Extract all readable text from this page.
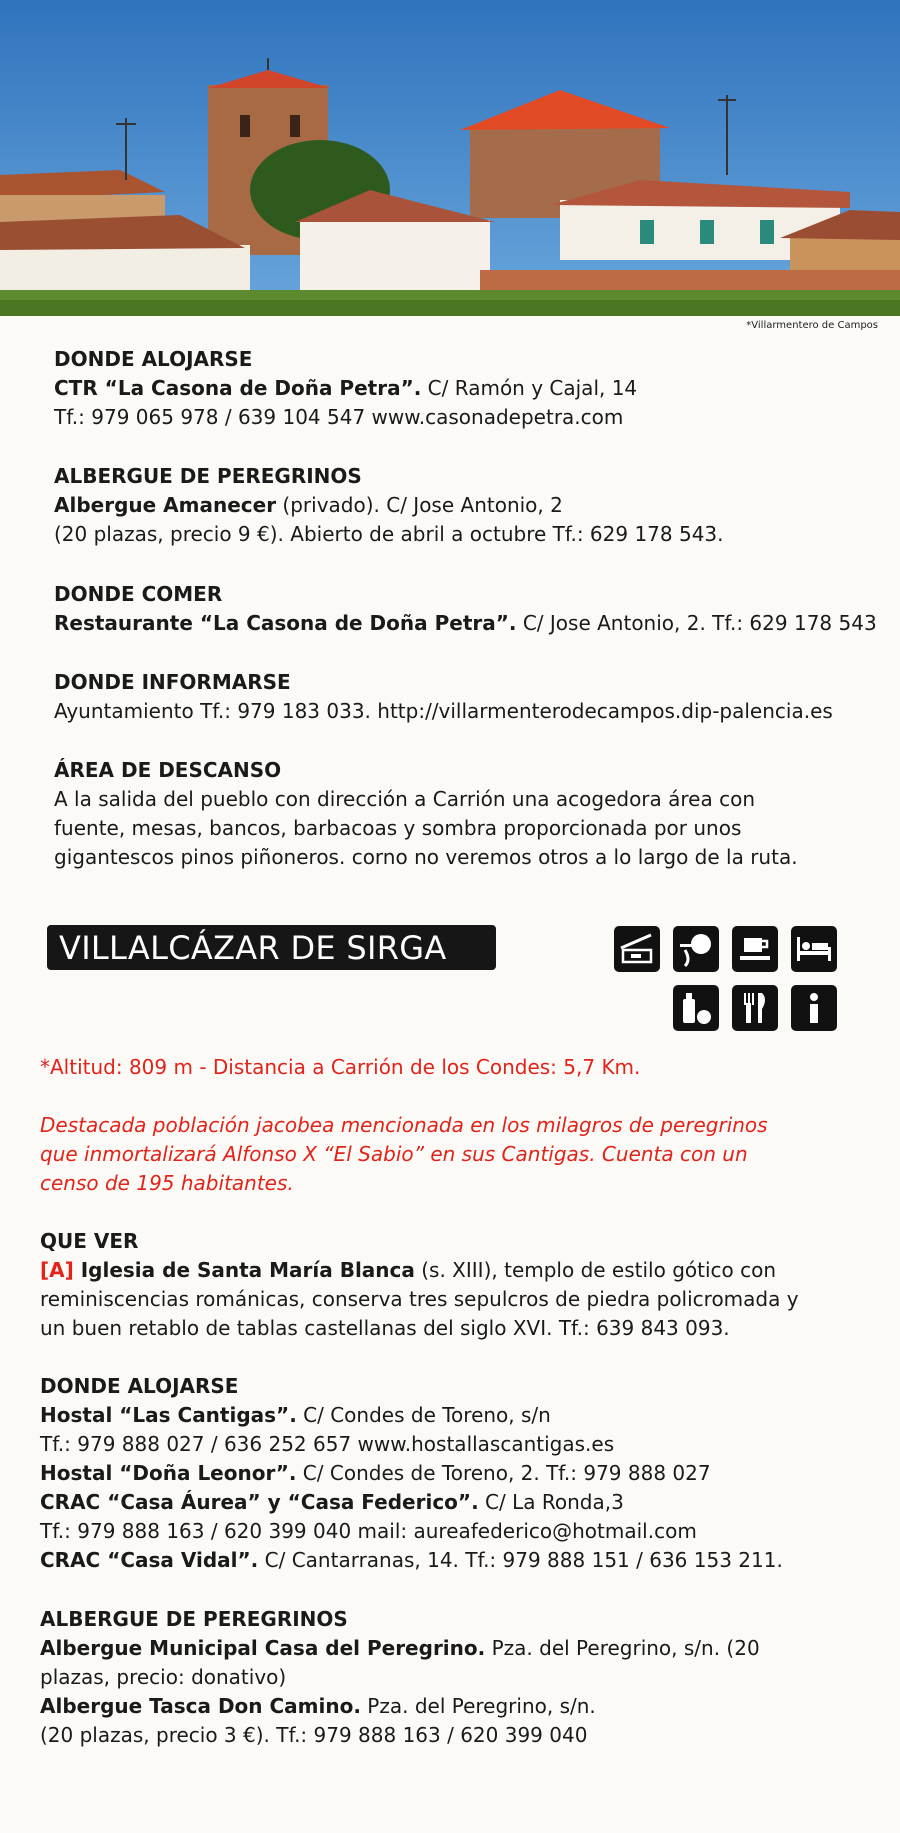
*Villarmentero de Campos
DONDE ALOJARSE
CTR “La Casona de Doña Petra”. C/ Ramón y Cajal, 14
Tf.: 979 065 978 / 639 104 547 www.casonadepetra.com
ALBERGUE DE PEREGRINOS
Albergue Amanecer (privado). C/ Jose Antonio, 2
(20 plazas, precio 9 €). Abierto de abril a octubre Tf.: 629 178 543.
DONDE COMER
Restaurante “La Casona de Doña Petra”. C/ Jose Antonio, 2. Tf.: 629 178 543
DONDE INFORMARSE
Ayuntamiento Tf.: 979 183 033. http://villarmenterodecampos.dip-palencia.es
ÁREA DE DESCANSO
A la salida del pueblo con dirección a Carrión una acogedora área con
fuente, mesas, bancos, barbacoas y sombra proporcionada por unos
gigantescos pinos piñoneros. corno no veremos otros a lo largo de la ruta.
VILLALCÁZAR DE SIRGA
*Altitud: 809 m - Distancia a Carrión de los Condes: 5,7 Km.
Destacada población jacobea mencionada en los milagros de peregrinos
que inmortalizará Alfonso X “El Sabio” en sus Cantigas. Cuenta con un
censo de 195 habitantes.
QUE VER
[A] Iglesia de Santa María Blanca (s. XIII), templo de estilo gótico con
reminiscencias románicas, conserva tres sepulcros de piedra policromada y
un buen retablo de tablas castellanas del siglo XVI. Tf.: 639 843 093.
DONDE ALOJARSE
Hostal “Las Cantigas”. C/ Condes de Toreno, s/n
Tf.: 979 888 027 / 636 252 657 www.hostallascantigas.es
Hostal “Doña Leonor”. C/ Condes de Toreno, 2. Tf.: 979 888 027
CRAC “Casa Áurea” y “Casa Federico”. C/ La Ronda,3
Tf.: 979 888 163 / 620 399 040 mail: aureafederico@hotmail.com
CRAC “Casa Vidal”. C/ Cantarranas, 14. Tf.: 979 888 151 / 636 153 211.
ALBERGUE DE PEREGRINOS
Albergue Municipal Casa del Peregrino. Pza. del Peregrino, s/n. (20
plazas, precio: donativo)
Albergue Tasca Don Camino. Pza. del Peregrino, s/n.
(20 plazas, precio 3 €). Tf.: 979 888 163 / 620 399 040
